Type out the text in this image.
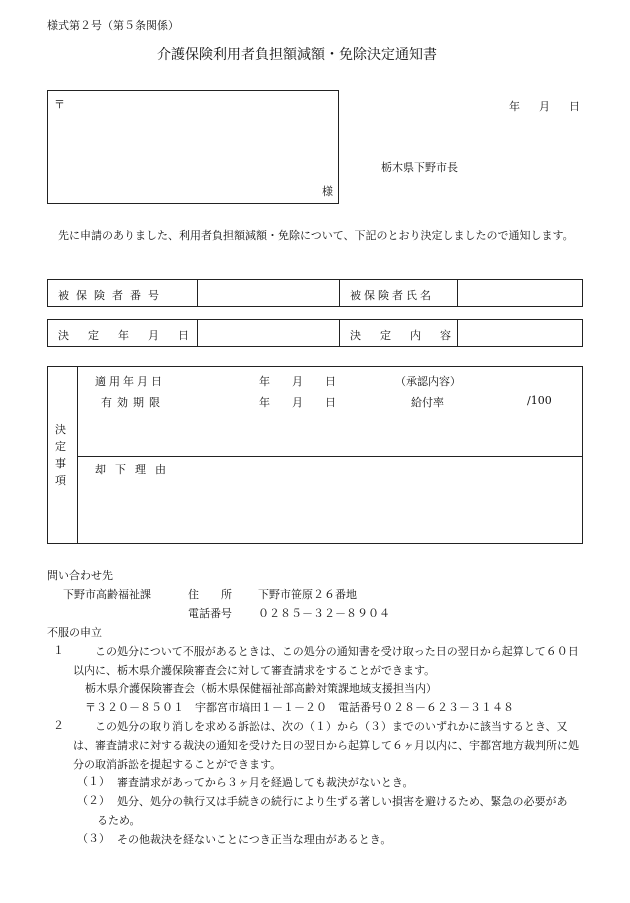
様式第２号（第５条関係）
介護保険利用者負担額減額・免除決定通知書
〒
様
年　月　日
栃木県下野市長
　先に申請のありました、利用者負担額減額・免除について、下記のとおり決定しましたので通知します。
被保険者番号	被保険者氏名
決定年月日	決定内容
決定事項
適用年月日	年　　月　　日	（承認内容）
有効期限	年　　月　　日	給付率	/100
却下理由
問い合わせ先
下野市高齢福祉課	住　　所 下野市笹原２６番地
電話番号 ０２８５－３２－８９０４
不服の申立
１	この処分について不服があるときは、この処分の通知書を受け取った日の翌日から起算して６０日以内に、栃木県介護保険審査会に対して審査請求をすることができます。
栃木県介護保険審査会（栃木県保健福祉部高齢対策課地域支援担当内）
〒３２０－８５０１　宇都宮市塙田１－１－２０　電話番号０２８－６２３－３１４８
２	この処分の取り消しを求める訴訟は、次の（１）から（３）までのいずれかに該当するとき、又は、審査請求に対する裁決の通知を受けた日の翌日から起算して６ヶ月以内に、宇都宮地方裁判所に処分の取消訴訟を提起することができます。
（１） 審査請求があってから３ヶ月を経過しても裁決がないとき。
（２） 処分、処分の執行又は手続きの続行により生ずる著しい損害を避けるため、緊急の必要があるため。
（３） その他裁決を経ないことにつき正当な理由があるとき。
